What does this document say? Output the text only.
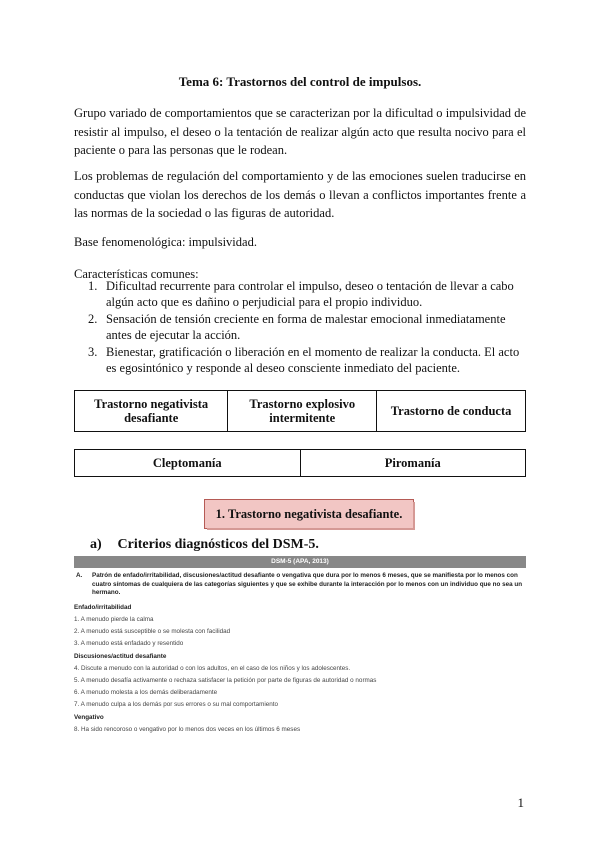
Tema 6: Trastornos del control de impulsos.
Grupo variado de comportamientos que se caracterizan por la dificultad o impulsividad de resistir al impulso, el deseo o la tentación de realizar algún acto que resulta nocivo para el paciente o para las personas que le rodean.
Los problemas de regulación del comportamiento y de las emociones suelen traducirse en conductas que violan los derechos de los demás o llevan a conflictos importantes frente a las normas de la sociedad o las figuras de autoridad.
Base fenomenológica: impulsividad.
Características comunes:
1. Dificultad recurrente para controlar el impulso, deseo o tentación de llevar a cabo algún acto que es dañino o perjudicial para el propio individuo.
2. Sensación de tensión creciente en forma de malestar emocional inmediatamente antes de ejecutar la acción.
3. Bienestar, gratificación o liberación en el momento de realizar la conducta. El acto es egosintónico y responde al deseo consciente inmediato del paciente.
Trastorno negativista desafiante	Trastorno explosivo intermitente	Trastorno de conducta
Cleptomanía	Piromanía
1. Trastorno negativista desafiante.
a) Criterios diagnósticos del DSM-5.
DSM-5 (APA, 2013)
A. Patrón de enfado/irritabilidad, discusiones/actitud desafiante o vengativa que dura por lo menos 6 meses, que se manifiesta por lo menos con cuatro síntomas de cualquiera de las categorías siguientes y que se exhibe durante la interacción por lo menos con un individuo que no sea un hermano.
Enfado/irritabilidad
1. A menudo pierde la calma
2. A menudo está susceptible o se molesta con facilidad
3. A menudo está enfadado y resentido
Discusiones/actitud desafiante
4. Discute a menudo con la autoridad o con los adultos, en el caso de los niños y los adolescentes.
5. A menudo desafía activamente o rechaza satisfacer la petición por parte de figuras de autoridad o normas
6. A menudo molesta a los demás deliberadamente
7. A menudo culpa a los demás por sus errores o su mal comportamiento
Vengativo
8. Ha sido rencoroso o vengativo por lo menos dos veces en los últimos 6 meses
1
